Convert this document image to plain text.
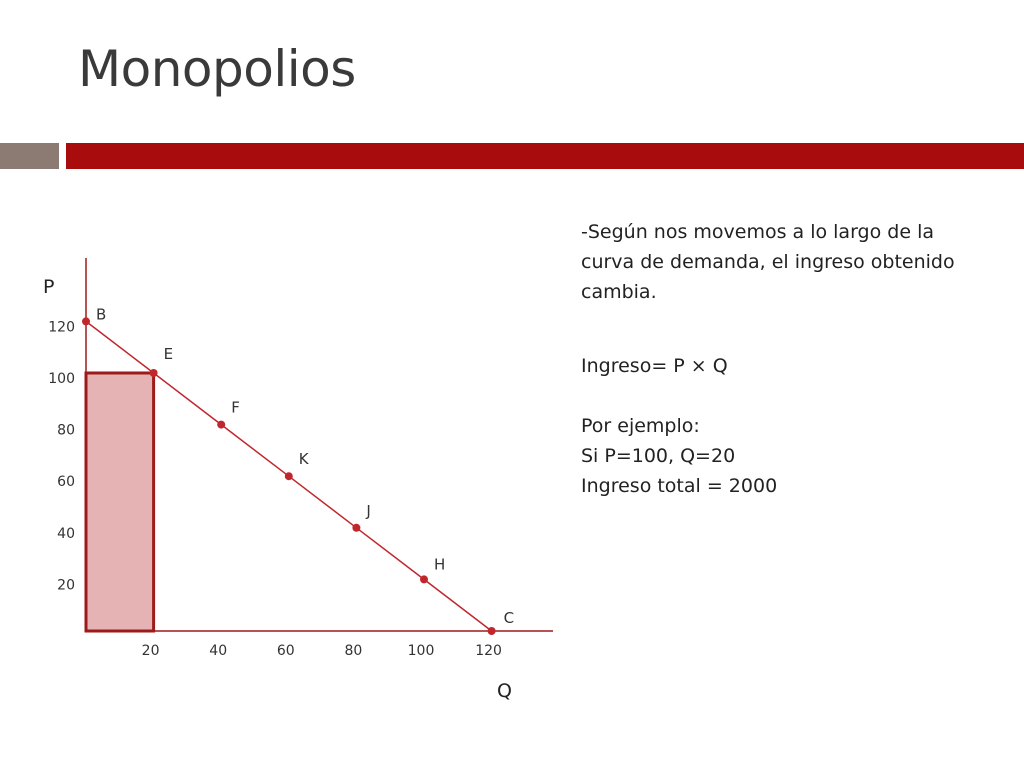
Monopolios
B
E
F
K
J
H
C
20
40
60
80
100
120
20	40	60	80	100	120
P
Q

-Según nos movemos a lo largo de la curva de demanda, el ingreso obtenido cambia.

Ingreso= P × Q

Por ejemplo:

Si P=100, Q=20

Ingreso total = 2000
